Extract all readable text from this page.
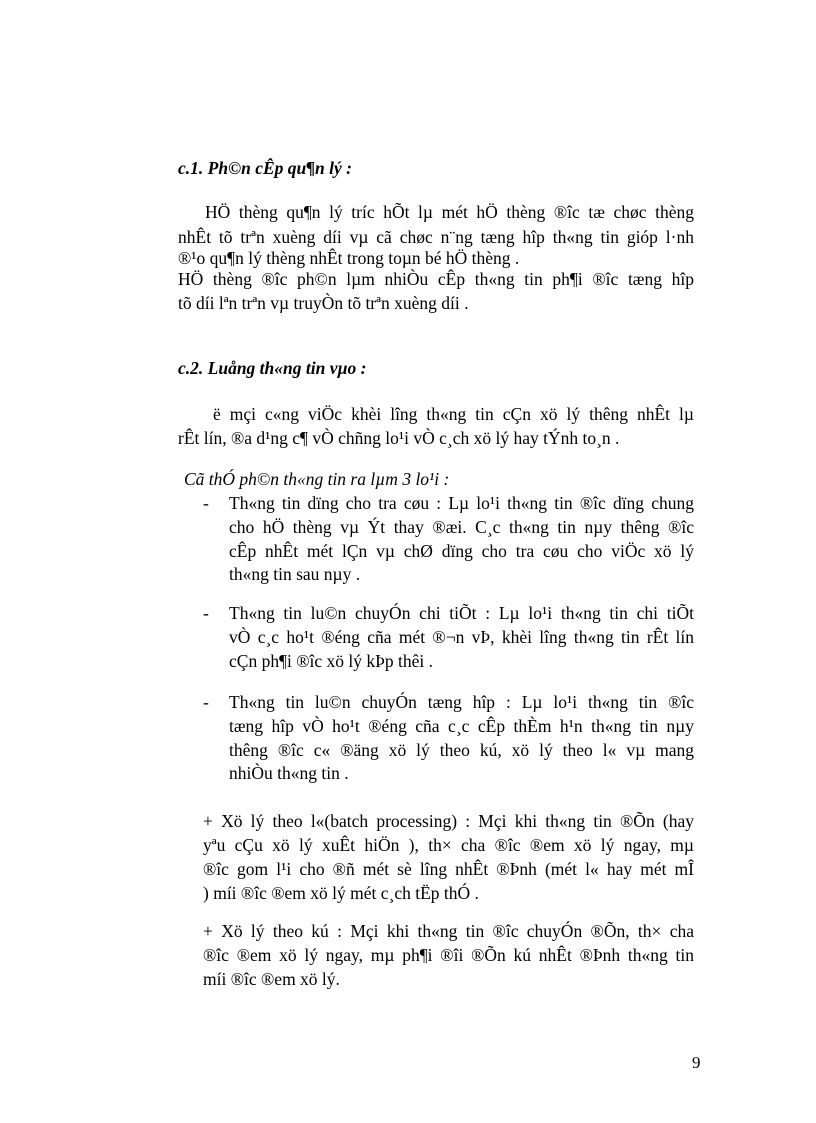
c.1. Ph©n cÊp qu¶n lý :
HÖ thèng qu¶n lý tríc hÕt lµ mét hÖ thèng ®îc tæ chøc thèng
nhÊt tõ trªn xuèng díi vµ cã chøc n¨ng tæng hîp th«ng tin gióp l·nh
®¹o qu¶n lý thèng nhÊt trong toµn bé hÖ thèng .
HÖ thèng ®îc ph©n lµm nhiÒu cÊp th«ng tin ph¶i ®îc tæng hîp
tõ díi lªn trªn vµ truyÒn tõ trªn xuèng díi .
c.2. Luång th«ng tin vµo :
ë mçi c«ng viÖc khèi lîng th«ng tin cÇn xö lý thêng nhÊt lµ
rÊt lín, ®a d¹ng c¶ vÒ chñng lo¹i vÒ c¸ch xö lý hay tÝnh to¸n .
Cã thÓ ph©n th«ng tin ra lµm 3 lo¹i :
- Th«ng tin dïng cho tra cøu : Lµ lo¹i th«ng tin ®îc dïng chung
cho hÖ thèng vµ Ýt thay ®æi. C¸c th«ng tin nµy thêng ®îc
cÊp nhÊt mét lÇn vµ chØ dïng cho tra cøu cho viÖc xö lý
th«ng tin sau nµy .
- Th«ng tin lu©n chuyÓn chi tiÕt : Lµ lo¹i th«ng tin chi tiÕt
vÒ c¸c ho¹t ®éng cña mét ®¬n vÞ, khèi lîng th«ng tin rÊt lín
cÇn ph¶i ®îc xö lý kÞp thêi .
- Th«ng tin lu©n chuyÓn tæng hîp : Lµ lo¹i th«ng tin ®îc
tæng hîp vÒ ho¹t ®éng cña c¸c cÊp thÈm h¹n th«ng tin nµy
thêng ®îc c« ®äng xö lý theo kú, xö lý theo l« vµ mang
nhiÒu th«ng tin .
+ Xö lý theo l«(batch processing) : Mçi khi th«ng tin ®Õn (hay
yªu cÇu xö lý xuÊt hiÖn ), th× cha ®îc ®em xö lý ngay, mµ
®îc gom l¹i cho ®ñ mét sè lîng nhÊt ®Þnh (mét l« hay mét mÎ
) míi ®îc ®em xö lý mét c¸ch tËp thÓ .
+ Xö lý theo kú : Mçi khi th«ng tin ®îc chuyÓn ®Õn, th× cha
®îc ®em xö lý ngay, mµ ph¶i ®îi ®Õn kú nhÊt ®Þnh th«ng tin
míi ®îc ®em xö lý.
9
